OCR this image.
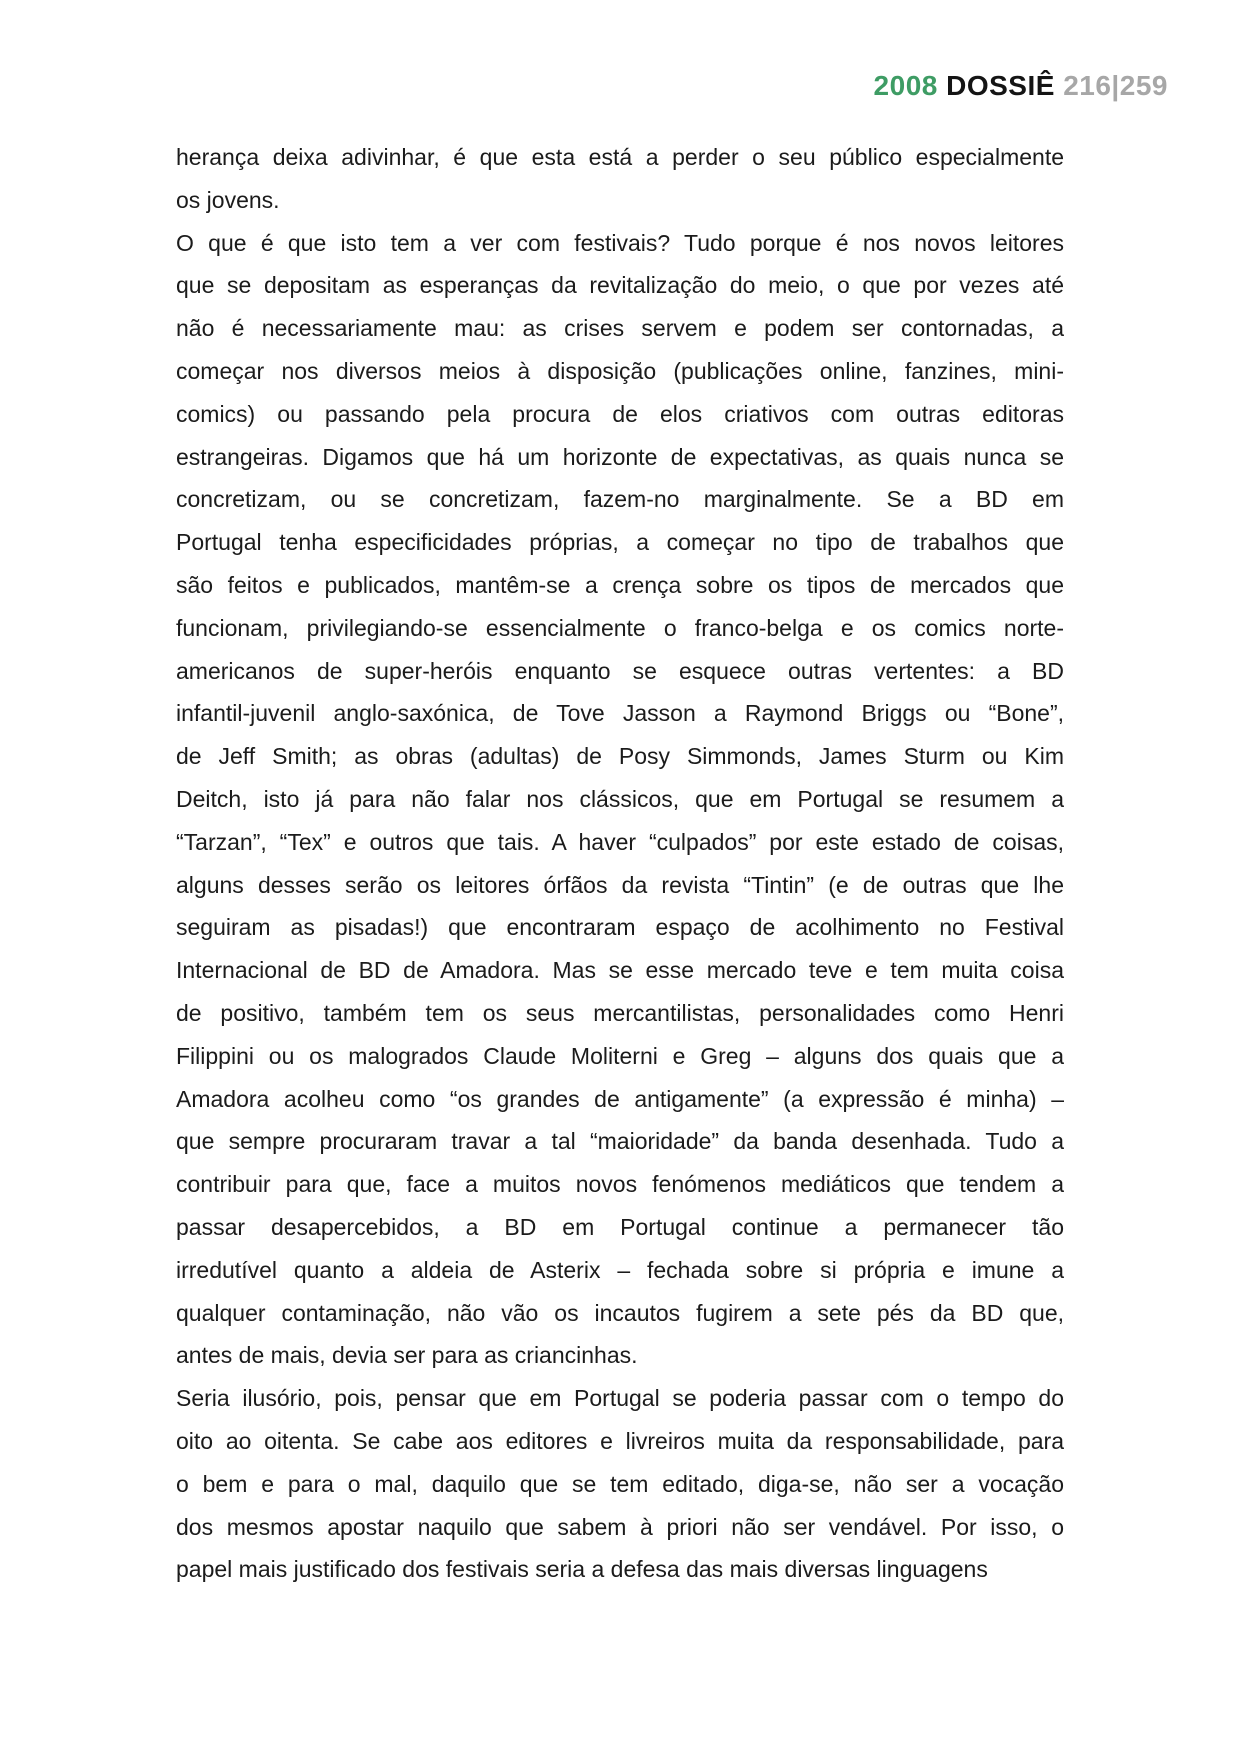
2008 DOSSIÊ 216|259
herança deixa adivinhar, é que esta está a perder o seu público especialmente
os jovens.
O que é que isto tem a ver com festivais? Tudo porque é nos novos leitores
que se depositam as esperanças da revitalização do meio, o que por vezes até
não é necessariamente mau: as crises servem e podem ser contornadas, a
começar nos diversos meios à disposição (publicações online, fanzines, mini-
comics) ou passando pela procura de elos criativos com outras editoras
estrangeiras. Digamos que há um horizonte de expectativas, as quais nunca se
concretizam, ou se concretizam, fazem-no marginalmente. Se a BD em
Portugal tenha especificidades próprias, a começar no tipo de trabalhos que
são feitos e publicados, mantêm-se a crença sobre os tipos de mercados que
funcionam, privilegiando-se essencialmente o franco-belga e os comics norte-
americanos de super-heróis enquanto se esquece outras vertentes: a BD
infantil-juvenil anglo-saxónica, de Tove Jasson a Raymond Briggs ou “Bone”,
de Jeff Smith; as obras (adultas) de Posy Simmonds, James Sturm ou Kim
Deitch, isto já para não falar nos clássicos, que em Portugal se resumem a
“Tarzan”, “Tex” e outros que tais. A haver “culpados” por este estado de coisas,
alguns desses serão os leitores órfãos da revista “Tintin” (e de outras que lhe
seguiram as pisadas!) que encontraram espaço de acolhimento no Festival
Internacional de BD de Amadora. Mas se esse mercado teve e tem muita coisa
de positivo, também tem os seus mercantilistas, personalidades como Henri
Filippini ou os malogrados Claude Moliterni e Greg – alguns dos quais que a
Amadora acolheu como “os grandes de antigamente” (a expressão é minha) –
que sempre procuraram travar a tal “maioridade” da banda desenhada. Tudo a
contribuir para que, face a muitos novos fenómenos mediáticos que tendem a
passar desapercebidos, a BD em Portugal continue a permanecer tão
irredutível quanto a aldeia de Asterix – fechada sobre si própria e imune a
qualquer contaminação, não vão os incautos fugirem a sete pés da BD que,
antes de mais, devia ser para as criancinhas.
Seria ilusório, pois, pensar que em Portugal se poderia passar com o tempo do
oito ao oitenta. Se cabe aos editores e livreiros muita da responsabilidade, para
o bem e para o mal, daquilo que se tem editado, diga-se, não ser a vocação
dos mesmos apostar naquilo que sabem à priori não ser vendável. Por isso, o
papel mais justificado dos festivais seria a defesa das mais diversas linguagens
